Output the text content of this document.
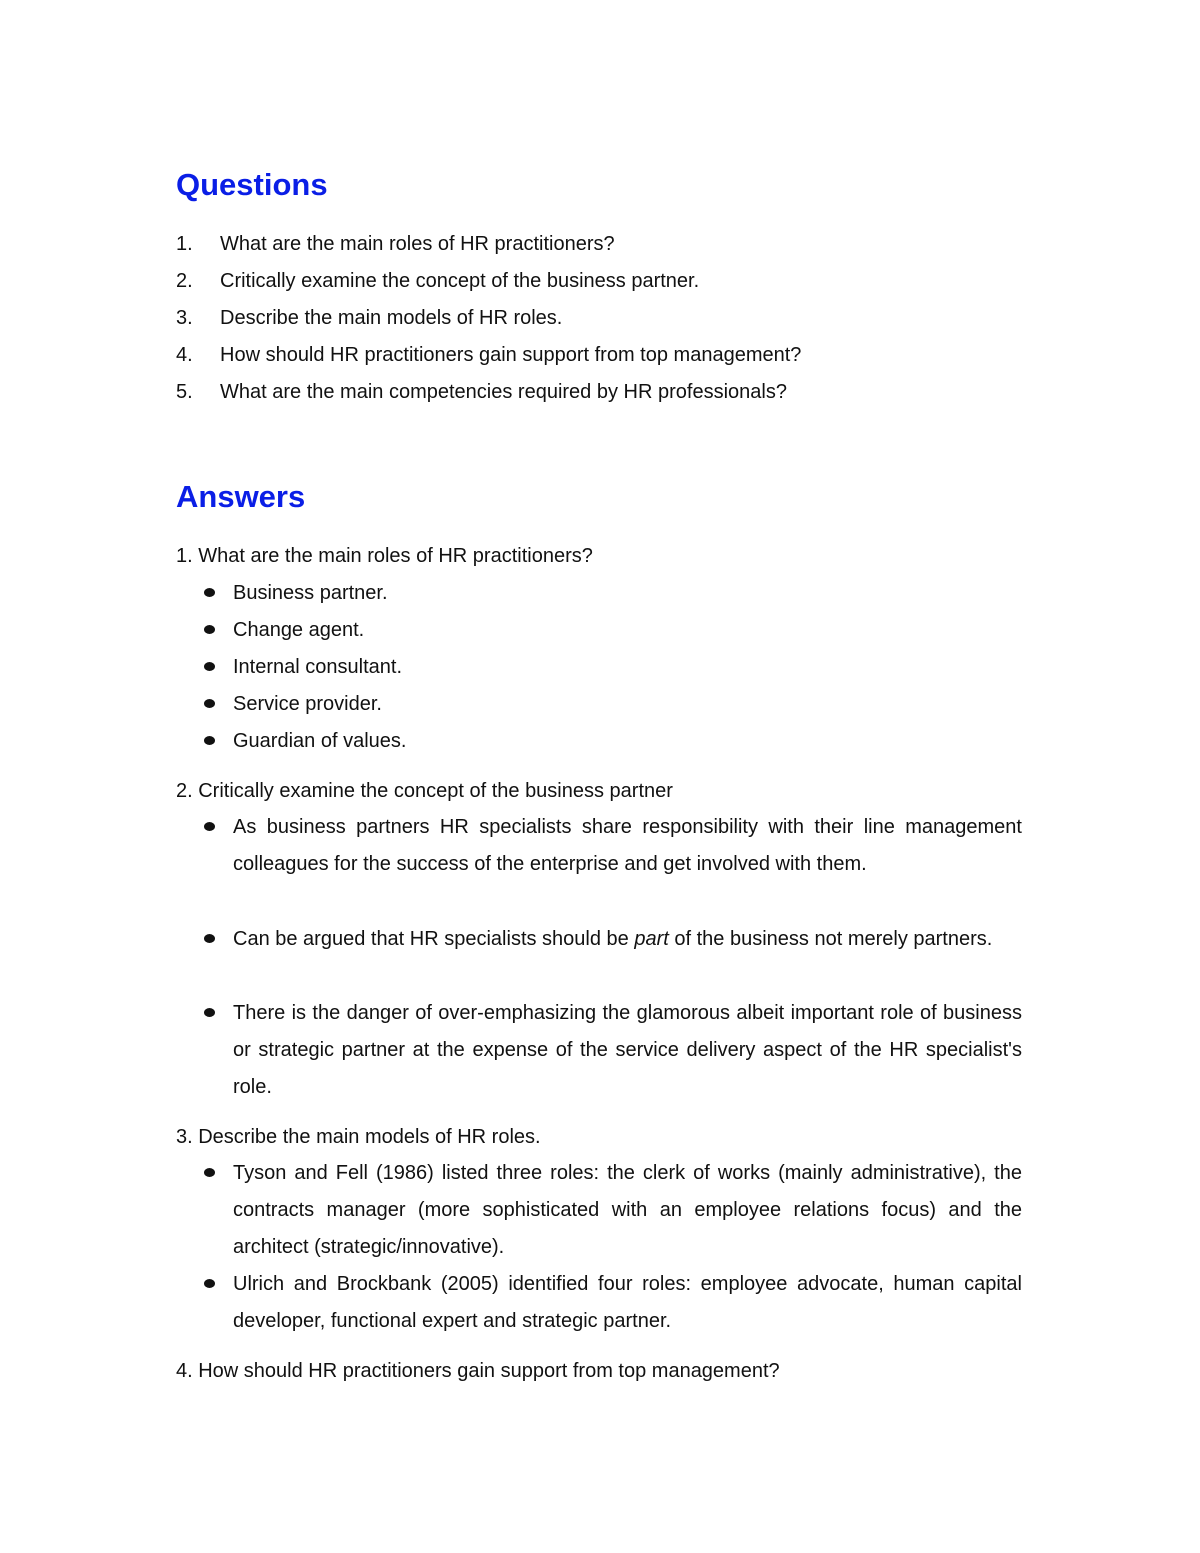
Questions
1. What are the main roles of HR practitioners?
2. Critically examine the concept of the business partner.
3. Describe the main models of HR roles.
4. How should HR practitioners gain support from top management?
5. What are the main competencies required by HR professionals?
Answers
1. What are the main roles of HR practitioners?
Business partner.
Change agent.
Internal consultant.
Service provider.
Guardian of values.
2. Critically examine the concept of the business partner
As business partners HR specialists share responsibility with their line management colleagues for the success of the enterprise and get involved with them.
Can be argued that HR specialists should be part of the business not merely partners.
There is the danger of over-emphasizing the glamorous albeit important role of business or strategic partner at the expense of the service delivery aspect of the HR specialist's role.
3. Describe the main models of HR roles.
Tyson and Fell (1986) listed three roles: the clerk of works (mainly administrative), the contracts manager (more sophisticated with an employee relations focus) and the architect (strategic/innovative).
Ulrich and Brockbank (2005) identified four roles: employee advocate, human capital developer, functional expert and strategic partner.
4. How should HR practitioners gain support from top management?
